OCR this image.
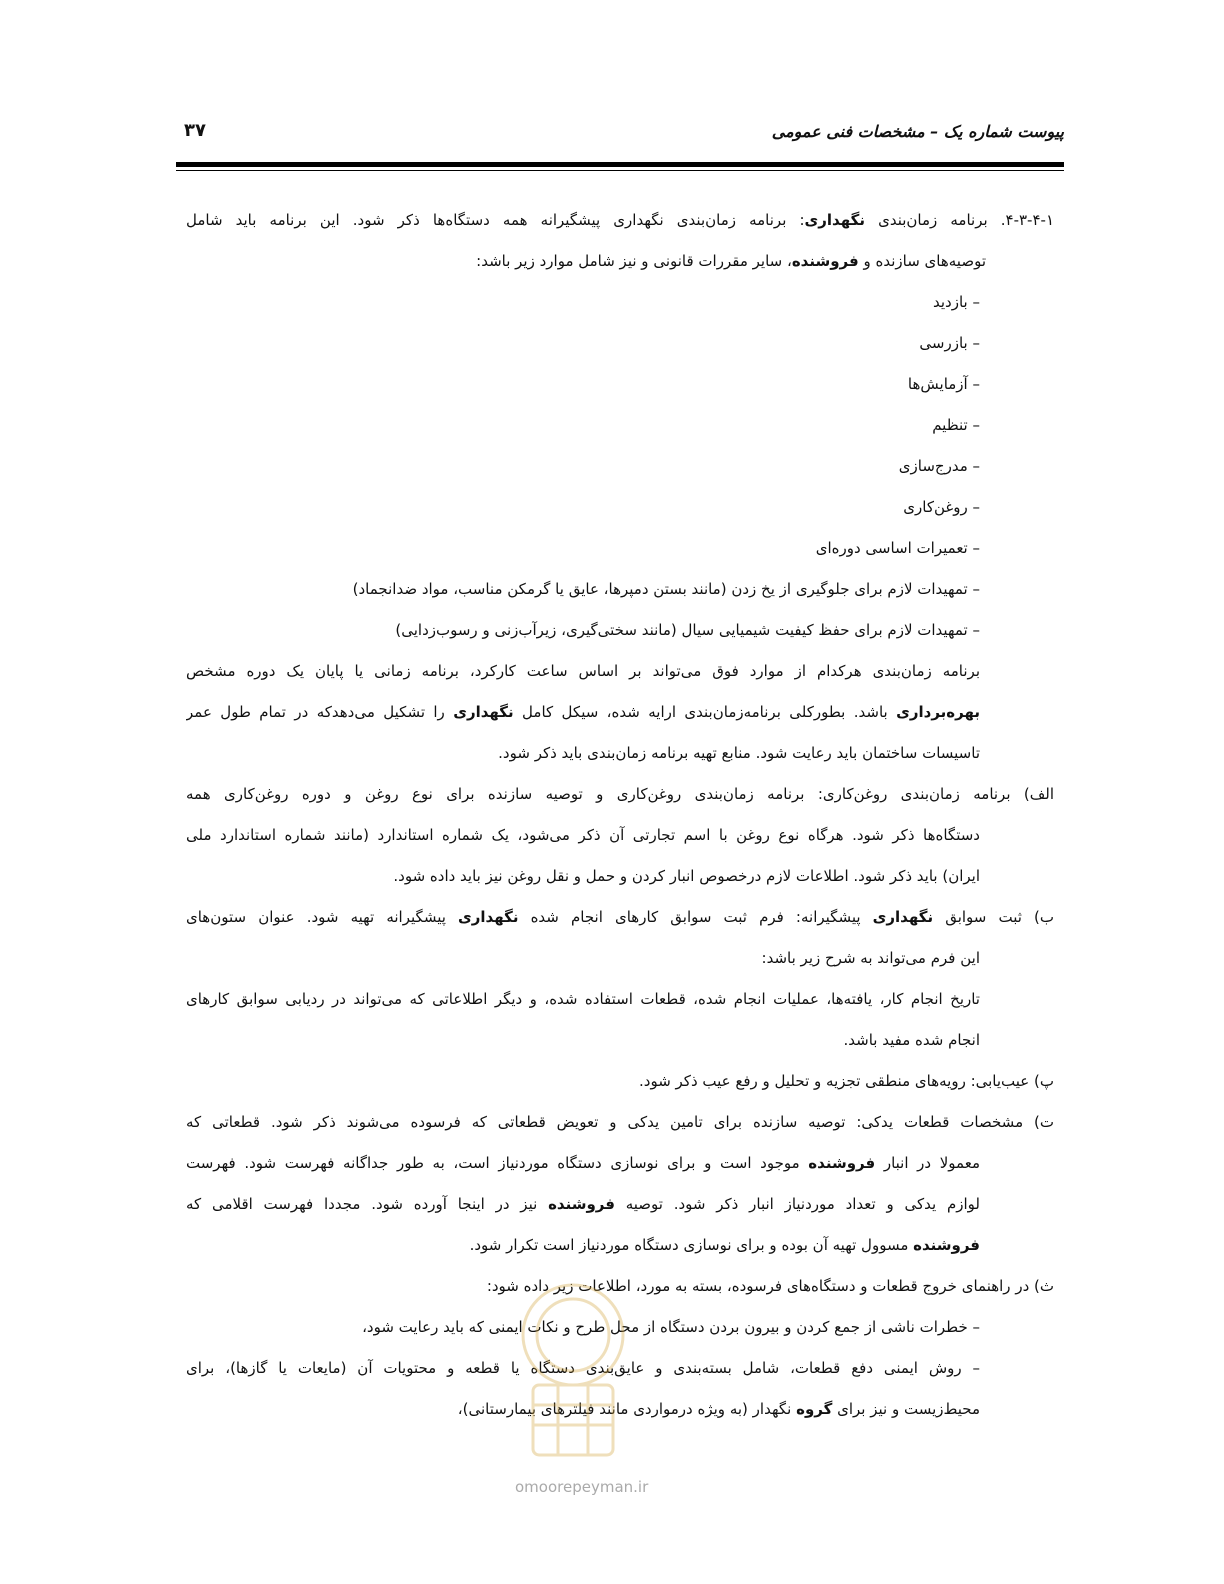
پیوست شماره یک – مشخصات فنی عمومی
۳۷
۴-۳-۴-۱. برنامه زمان‌بندی نگهداری: برنامه زمان‌بندی نگهداری پیشگیرانه همه دستگاه‌ها ذکر شود. این برنامه باید شامل
توصیه‌های سازنده و فروشنده، سایر مقررات قانونی و نیز شامل موارد زیر باشد:
– بازدید
– بازرسی
– آزمایش‌ها
– تنظیم
– مدرج‌سازی
– روغن‌کاری
– تعمیرات اساسی دوره‌ای
– تمهیدات لازم برای جلوگیری از یخ زدن (مانند بستن دمپرها، عایق یا گرمکن مناسب، مواد ضدانجماد)
– تمهیدات لازم برای حفظ کیفیت شیمیایی سیال (مانند سختی‌گیری، زیرآب‌زنی و رسوب‌زدایی)
برنامه زمان‌بندی هرکدام از موارد فوق می‌تواند بر اساس ساعت کارکرد، برنامه زمانی یا پایان یک دوره مشخص
بهره‌برداری باشد. بطورکلی برنامه‌زمان‌بندی ارایه شده، سیکل کامل نگهداری را تشکیل می‌دهدکه در تمام طول عمر
تاسیسات ساختمان باید رعایت شود. منابع تهیه برنامه زمان‌بندی باید ذکر شود.
الف) برنامه زمان‌بندی روغن‌کاری: برنامه زمان‌بندی روغن‌کاری و توصیه سازنده برای نوع روغن و دوره روغن‌کاری همه
دستگاه‌ها ذکر شود. هرگاه نوع روغن با اسم تجارتی آن ذکر می‌شود، یک شماره استاندارد (مانند شماره استاندارد ملی
ایران) باید ذکر شود. اطلاعات لازم درخصوص انبار کردن و حمل و نقل روغن نیز باید داده شود.
ب) ثبت سوابق نگهداری پیشگیرانه: فرم ثبت سوابق کارهای انجام شده نگهداری پیشگیرانه تهیه شود. عنوان ستون‌های
این فرم می‌تواند به شرح زیر باشد:
تاریخ انجام کار، یافته‌ها، عملیات انجام شده، قطعات استفاده شده، و دیگر اطلاعاتی که می‌تواند در ردیابی سوابق کارهای
انجام شده مفید باشد.
پ) عیب‌یابی: رویه‌های منطقی تجزیه و تحلیل و رفع عیب ذکر شود.
ت) مشخصات قطعات یدکی: توصیه سازنده برای تامین یدکی و تعویض قطعاتی که فرسوده می‌شوند ذکر شود. قطعاتی که
معمولا در انبار فروشنده موجود است و برای نوسازی دستگاه موردنیاز است، به طور جداگانه فهرست شود. فهرست
لوازم یدکی و تعداد موردنیاز انبار ذکر شود. توصیه فروشنده نیز در اینجا آورده شود. مجددا فهرست اقلامی که
فروشنده مسوول تهیه آن بوده و برای نوسازی دستگاه موردنیاز است تکرار شود.
ث) در راهنمای خروج قطعات و دستگاه‌های فرسوده، بسته به مورد، اطلاعات زیر داده شود:
– خطرات ناشی از جمع کردن و بیرون بردن دستگاه از محل طرح و نکات ایمنی که باید رعایت شود،
– روش ایمنی دفع قطعات، شامل بسته‌بندی و عایق‌بندی دستگاه یا قطعه و محتویات آن (مایعات یا گازها)، برای
محیط‌زیست و نیز برای گروه نگهدار (به ویژه درمواردی مانند فیلترهای بیمارستانی)،
omoorepeyman.ir
